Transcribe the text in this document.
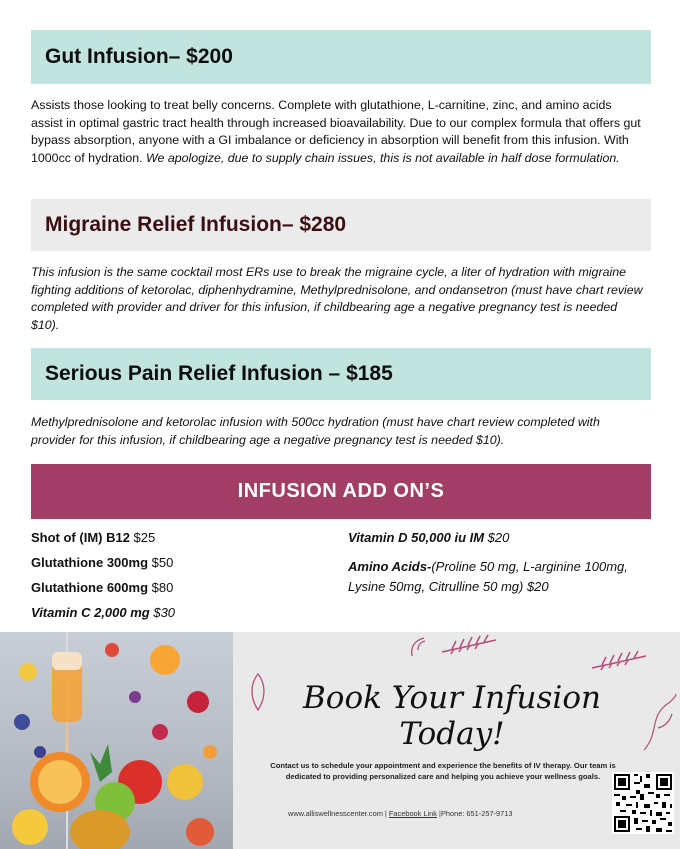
Gut Infusion– $200

Assists those looking to treat belly concerns. Complete with glutathione, L-carnitine, zinc, and amino acids assist in optimal gastric tract health through increased bioavailability. Due to our complex formula that offers gut bypass absorption, anyone with a GI imbalance or deficiency in absorption will benefit from this infusion. With 1000cc of hydration. We apologize, due to supply chain issues, this is not available in half dose formulation.

Migraine Relief Infusion– $280

This infusion is the same cocktail most ERs use to break the migraine cycle, a liter of hydration with migraine fighting additions of ketorolac, diphenhydramine, Methylprednisolone, and ondansetron (must have chart review completed with provider and driver for this infusion, if childbearing age a negative pregnancy test is needed $10).

Serious Pain Relief Infusion – $185

Methylprednisolone and ketorolac infusion with 500cc hydration (must have chart review completed with provider for this infusion, if childbearing age a negative pregnancy test is needed $10).

INFUSION ADD ON’S
Shot of (IM) B12 $25
Glutathione 300mg $50
Glutathione 600mg $80
Vitamin C 2,000 mg $30
Vitamin D 50,000 iu IM $20
Amino Acids-(Proline 50 mg, L-arginine 100mg, Lysine 50mg, Citrulline 50 mg) $20
Book Your Infusion Today!
Contact us to schedule your appointment and experience the benefits of IV therapy. Our team is dedicated to providing personalized care and helping you achieve your wellness goals.
www.alliswellnesscenter.com | Facebook Link |Phone: 651-257-9713
